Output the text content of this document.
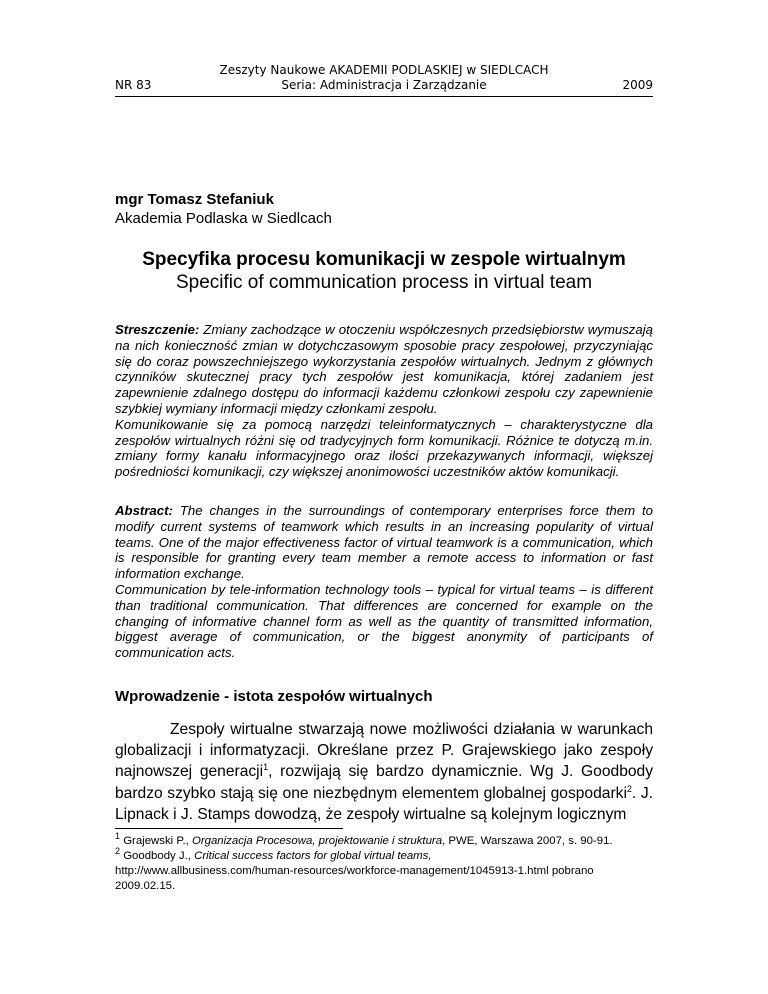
NR 83
Zeszyty Naukowe AKADEMII PODLASKIEJ w SIEDLCACH
Seria: Administracja i Zarządzanie	2009
mgr Tomasz Stefaniuk
Akademia Podlaska w Siedlcach
Specyfika procesu komunikacji w zespole wirtualnym
Specific of communication process in virtual team

Streszczenie: Zmiany zachodzące w otoczeniu współczesnych przedsiębiorstw wymuszają na nich konieczność zmian w dotychczasowym sposobie pracy zespołowej, przyczyniając się do coraz powszechniejszego wykorzystania zespołów wirtualnych. Jednym z głównych czynników skutecznej pracy tych zespołów jest komunikacja, której zadaniem jest zapewnienie zdalnego dostępu do informacji każdemu członkowi zespołu czy zapewnienie szybkiej wymiany informacji między członkami zespołu.

Komunikowanie się za pomocą narzędzi teleinformatycznych – charakterystyczne dla zespołów wirtualnych różni się od tradycyjnych form komunikacji. Różnice te dotyczą m.in. zmiany formy kanału informacyjnego oraz ilości przekazywanych informacji, większej pośredniości komunikacji, czy większej anonimowości uczestników aktów komunikacji.

Abstract: The changes in the surroundings of contemporary enterprises force them to modify current systems of teamwork which results in an increasing popularity of virtual teams. One of the major effectiveness factor of virtual teamwork is a communication, which is responsible for granting every team member a remote access to information or fast information exchange.

Communication by tele-information technology tools – typical for virtual teams – is different than traditional communication. That differences are concerned for example on the changing of informative channel form as well as the quantity of transmitted information, biggest average of communication, or the biggest anonymity of participants of communication acts.

Wprowadzenie - istota zespołów wirtualnych

Zespoły wirtualne stwarzają nowe możliwości działania w warunkach globalizacji i informatyzacji. Określane przez P. Grajewskiego jako zespoły najnowszej generacji$^1$, rozwijają się bardzo dynamicznie. Wg J. Goodbody bardzo szybko stają się one niezbędnym elementem globalnej gospodarki$^2$. J. Lipnack i J. Stamps dowodzą, że zespoły wirtualne są kolejnym logicznym

$^1$ Grajewski P., Organizacja Procesowa, projektowanie i struktura, PWE, Warszawa 2007, s. 90-91.

$^2$ Goodbody J., Critical success factors for global virtual teams,
http://www.allbusiness.com/human-resources/workforce-management/1045913-1.html pobrano 2009.02.15.
